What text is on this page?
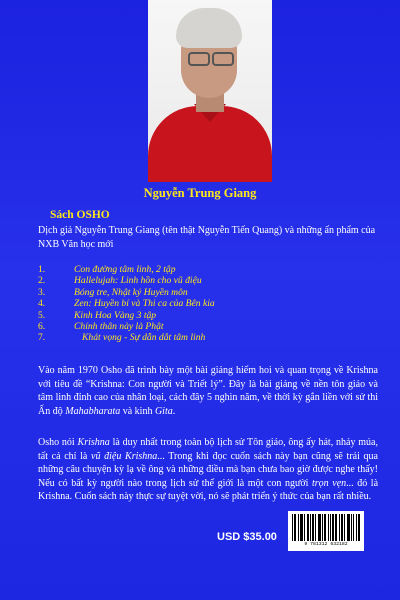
Nguyễn Trung Giang
Sách OSHO
Dịch giả Nguyễn Trung Giang (tên thật Nguyễn Tiến Quang) và những ấn phẩm của NXB Văn học mới
1.	Con đường tâm linh, 2 tập
2.	Hallelujah: Linh hồn cho vũ điệu
3.	Bóng tre, Nhật ký Huyền môn
4.	Zen: Huyền bí và Thi ca của Bên kia
5.	Kinh Hoa Vàng 3 tập
6.	Chính thân này là Phật
7.	Khát vọng - Sự dẫn dắt tâm linh

Vào năm 1970 Osho đã trình bày một bài giảng hiếm hoi và quan trọng về Krishna với tiêu đề “Krishna: Con người và Triết lý”. Đây là bài giảng về nền tôn giáo và tâm linh đỉnh cao của nhân loại, cách đây 5 nghìn năm, về thời kỳ gắn liền với sử thi Ấn độ Mahabharata và kinh Gita.

Osho nói Krishna là duy nhất trong toàn bộ lịch sử Tôn giáo, ông ấy hát, nhảy múa, tất cả chỉ là vũ điệu Krishna... Trong khi đọc cuốn sách này bạn cũng sẽ trải qua những câu chuyện kỳ lạ về ông và những điều mà bạn chưa bao giờ được nghe thấy! Nếu có bất kỳ người nào trong lịch sử thế giới là một con người trọn vẹn... đó là Krishna. Cuốn sách này thực sự tuyệt vời, nó sẽ phát triển ý thức của bạn rất nhiều.

USD $35.00
9 781312 632182
